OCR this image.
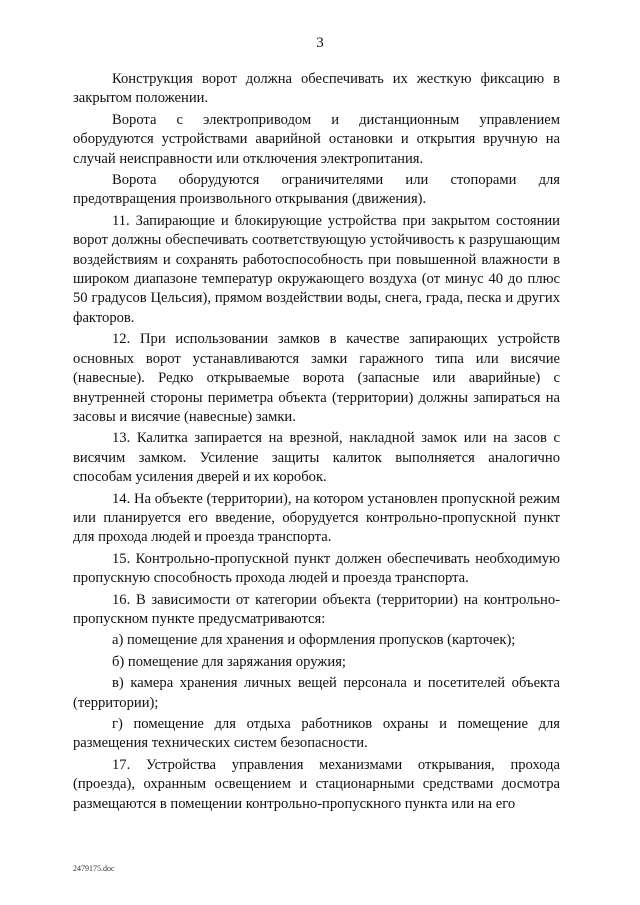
3

Конструкция ворот должна обеспечивать их жесткую фиксацию в закрытом положении.

Ворота с электроприводом и дистанционным управлением оборудуются устройствами аварийной остановки и открытия вручную на случай неисправности или отключения электропитания.

Ворота оборудуются ограничителями или стопорами для предотвращения произвольного открывания (движения).

11. Запирающие и блокирующие устройства при закрытом состоянии ворот должны обеспечивать соответствующую устойчивость к разрушающим воздействиям и сохранять работоспособность при повышенной влажности в широком диапазоне температур окружающего воздуха (от минус 40 до плюс 50 градусов Цельсия), прямом воздействии воды, снега, града, песка и других факторов.

12. При использовании замков в качестве запирающих устройств основных ворот устанавливаются замки гаражного типа или висячие (навесные). Редко открываемые ворота (запасные или аварийные) с внутренней стороны периметра объекта (территории) должны запираться на засовы и висячие (навесные) замки.

13. Калитка запирается на врезной, накладной замок или на засов с висячим замком. Усиление защиты калиток выполняется аналогично способам усиления дверей и их коробок.

14. На объекте (территории), на котором установлен пропускной режим или планируется его введение, оборудуется контрольно-пропускной пункт для прохода людей и проезда транспорта.

15. Контрольно-пропускной пункт должен обеспечивать необходимую пропускную способность прохода людей и проезда транспорта.

16. В зависимости от категории объекта (территории) на контрольно-пропускном пункте предусматриваются:

а) помещение для хранения и оформления пропусков (карточек);

б) помещение для заряжания оружия;

в) камера хранения личных вещей персонала и посетителей объекта (территории);

г) помещение для отдыха работников охраны и помещение для размещения технических систем безопасности.

17. Устройства управления механизмами открывания, прохода (проезда), охранным освещением и стационарными средствами досмотра размещаются в помещении контрольно-пропускного пункта или на его

2479175.doc
